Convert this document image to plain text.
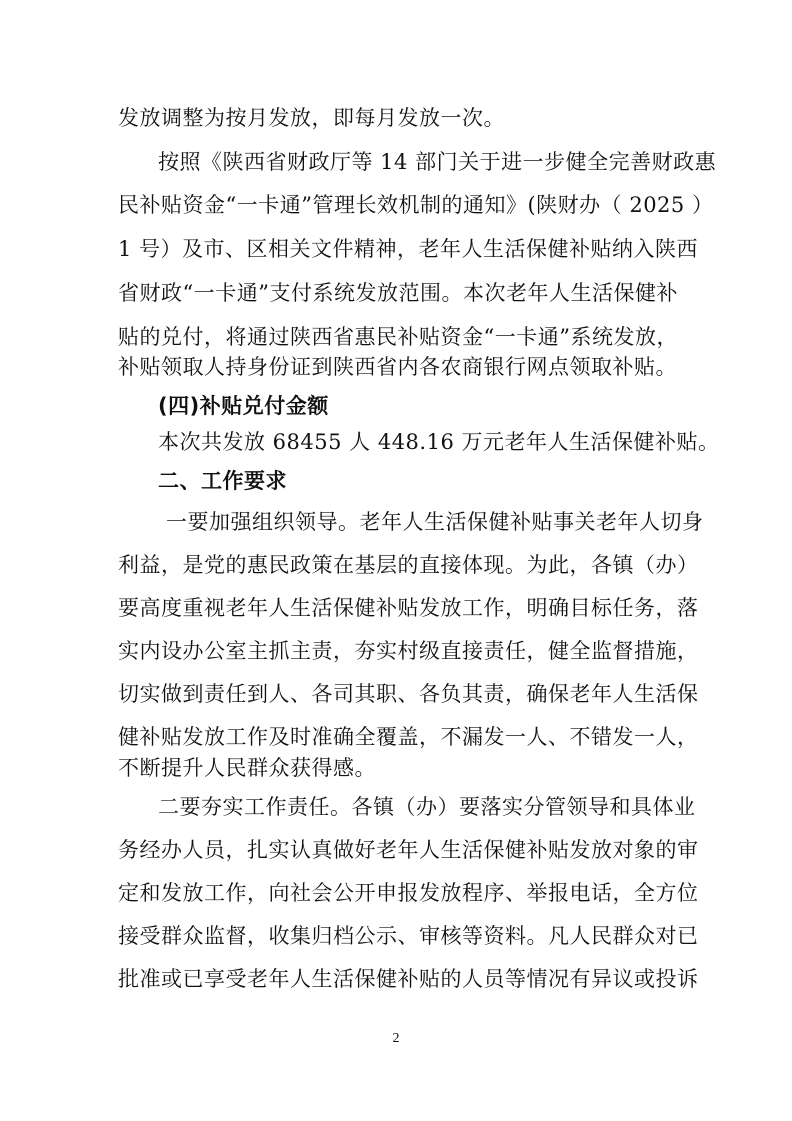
发放调整为按月发放，即每月发放一次。

按照《陕西省财政厅等 14 部门关于进一步健全完善财政惠

民补贴资金“一卡通”管理长效机制的通知》(陕财办（ 2025 ）

1 号）及市、区相关文件精神，老年人生活保健补贴纳入陕西

省财政“一卡通”支付系统发放范围。本次老年人生活保健补

贴的兑付，将通过陕西省惠民补贴资金“一卡通”系统发放，

补贴领取人持身份证到陕西省内各农商银行网点领取补贴。

(四)补贴兑付金额

本次共发放 68455 人 448.16 万元老年人生活保健补贴。

二、工作要求

一要加强组织领导。老年人生活保健补贴事关老年人切身

利益，是党的惠民政策在基层的直接体现。为此，各镇（办）

要高度重视老年人生活保健补贴发放工作，明确目标任务，落

实内设办公室主抓主责，夯实村级直接责任，健全监督措施，

切实做到责任到人、各司其职、各负其责，确保老年人生活保

健补贴发放工作及时准确全覆盖，不漏发一人、不错发一人，

不断提升人民群众获得感。

二要夯实工作责任。各镇（办）要落实分管领导和具体业

务经办人员，扎实认真做好老年人生活保健补贴发放对象的审

定和发放工作，向社会公开申报发放程序、举报电话，全方位

接受群众监督，收集归档公示、审核等资料。凡人民群众对已

批准或已享受老年人生活保健补贴的人员等情况有异议或投诉

2
